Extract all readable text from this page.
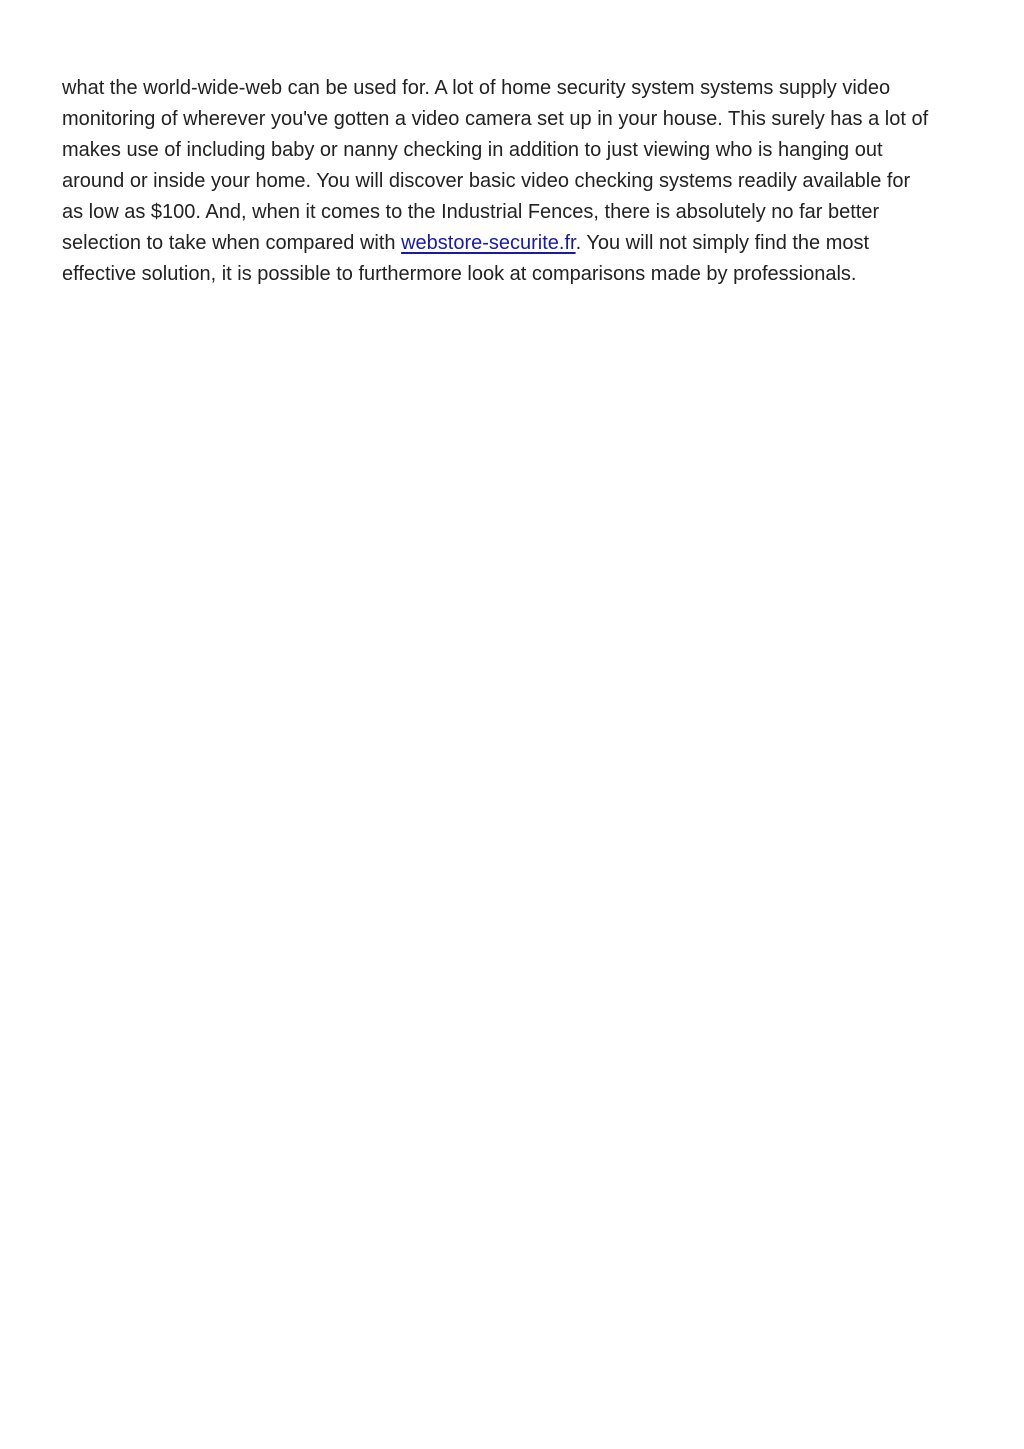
what the world-wide-web can be used for. A lot of home security system systems supply video
monitoring of wherever you've gotten a video camera set up in your house. This surely has a lot of
makes use of including baby or nanny checking in addition to just viewing who is hanging out
around or inside your home. You will discover basic video checking systems readily available for
as low as $100. And, when it comes to the Industrial Fences, there is absolutely no far better
selection to take when compared with webstore-securite.fr. You will not simply find the most
effective solution, it is possible to furthermore look at comparisons made by professionals.
